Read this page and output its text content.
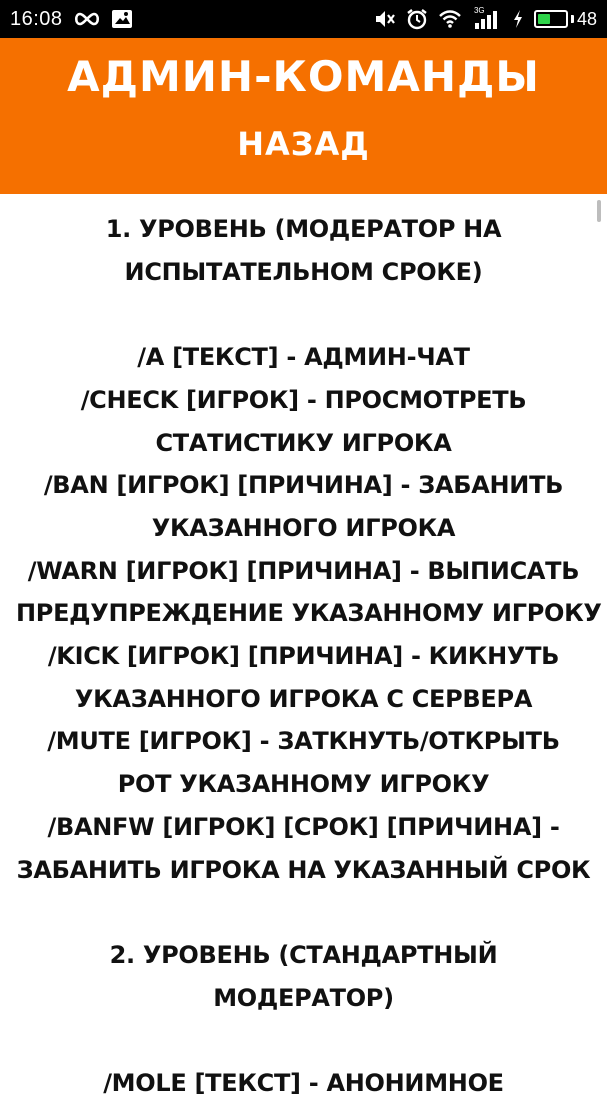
16:08	3G	48
АДМИН-КОМАНДЫ
НАЗАД
1. УРОВЕНЬ (МОДЕРАТОР НА
ИСПЫТАТЕЛЬНОМ СРОКЕ)
/A [ТЕКСТ] - АДМИН-ЧАТ
/CHECK [ИГРОК] - ПРОСМОТРЕТЬ
СТАТИСТИКУ ИГРОКА
/BAN [ИГРОК] [ПРИЧИНА] - ЗАБАНИТЬ
УКАЗАННОГО ИГРОКА
/WARN [ИГРОК] [ПРИЧИНА] - ВЫПИСАТЬ
ПРЕДУПРЕЖДЕНИЕ УКАЗАННОМУ ИГРОКУ
/KICK [ИГРОК] [ПРИЧИНА] - КИКНУТЬ
УКАЗАННОГО ИГРОКА С СЕРВЕРА
/MUTE [ИГРОК] - ЗАТКНУТЬ/ОТКРЫТЬ
РОТ УКАЗАННОМУ ИГРОКУ
/BANFW [ИГРОК] [СРОК] [ПРИЧИНА] -
ЗАБАНИТЬ ИГРОКА НА УКАЗАННЫЙ СРОК
2. УРОВЕНЬ (СТАНДАРТНЫЙ
МОДЕРАТОР)
/MOLE [ТЕКСТ] - АНОНИМНОЕ
